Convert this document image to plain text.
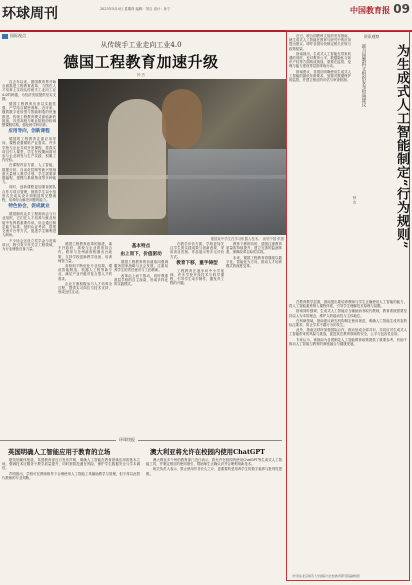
环球周刊	2023年5月4日 星期四 编辑：刘吉 设计：孙宁	中国教育报 09
国际视点
从传统手工业走向工业4.0
德国工程教育加速升级
钟 杰

自去年以来，德国教育界开始全面推进工程教育改革，力图在人才培养上实现从传统手工业向工业4.0的跨越，为经济发展提供坚实支撑。

德国工程教育历来以实践性强、产学结合紧密著称。近年来，随着数字化转型与智能制造的快速推进，传统工程教育模式面临新的挑战，各类高校与职业院校纷纷调整课程结构，强化跨学科培养。

应用导向，创新课程

德国的工程教育注重应用导向，课程设置紧贴产业需求。许多学校与企业共同开发课程，将真实项目引入课堂，学生在校期间即可参与企业研发与生产实践，积累工作经验。

在课程内容方面，人工智能、数据分析、自动化控制等新兴领域被大量纳入教学计划，学生需要掌握编程、建模与系统集成等多种能力。

同时，创新课程更加重视团队合作与项目管理，鼓励学生以小组形式完成从设计到制造的完整流程，培养综合解决问题的能力。

特色协会，促成就业

德国拥有众多工程师协会与行业组织，它们在人才培养与就业衔接中发挥着重要作用。协会通过制定能力标准、组织认证考试、搭建交流平台等方式，促进学生顺利进入职场。

不少协会还设立奖学金与竞赛项目，吸引青少年关注工程领域，为行业储备后备力量。

德国某中学生在学习机器人技术。 视觉中国 供图

德国工程教育改革的推进，离不开政府、高校与企业的协同合作。联邦与各州政府相继出台政策，支持学校更新教学设备、培训师资力量。

高校则不断优化专业结构，增设智能制造、机器人工程等新专业，满足产业升级对复合型人才的需求。

企业方面积极参与人才培养全过程，提供实习岗位与技术支持，形成良性互动。

基本特点
由上而下，价值驱动

德国工程教育的价值取向强调服务国家战略与社会发展，注重培养学生的责任意识与工匠精神。

改革由上而下推动，同时尊重基层学校的自主探索，形成多样化的实践模式。

在教学评价方面，学校更加关注学生的实践成果与创新表现，采用项目答辩、作品展示等多元评价方式。

教育下移，重手铸型

工程教育正逐步向中小学延伸，许多学校开设技术与科学课程，引导学生动手制作，激发对工程的兴趣。

教育下移的同时，德国注重教育质量的持续提升，建立完善的监测体系，保障改革目标的实现。

未来，德国工程教育将继续以数字化、智能化为方向，推动人才培养模式的深度变革。

环球快报
英国明确人工智能应用于教育的立场	澳大利亚将允许在校园内使用ChatGPT

据英国媒体报道，英国教育部近日发布声明，明确人工智能在教育领域应用的基本立场，强调技术应服务于教学质量提升，同时需防范潜在风险，保护学生数据安全与学术诚信。

声明指出，学校可在教师指导下合理使用人工智能工具辅助教学与管理，但不得以此替代教师的专业判断。

澳大利亚多个州的教育部门近日表示，将允许在校园内使用ChatGPT等生成式人工智能工具，并制定相应的使用指引，帮助师生正确认识并合理利用新技术。

相关负责人表示，禁止使用并非长久之计，更重要的是培养学生的数字素养与批判性思维。

资讯观察
为生成式人工智能制定“行为规则”
联合国教科文组织发布指南建议
钟 杰

近日，联合国教科文组织发布指南，就生成式人工智能在教育与研究中的应用提出建议，呼吁各国尽快制定相关法规与政策框架。

指南指出，生成式人工智能在带来机遇的同时，也对教育公平、数据隐私与知识产权等方面构成挑战，需要在监管、伦理与能力建设等层面采取行动。

指南建议，各国应明确使用生成式人工智能的最低年龄要求，加强对数据保护的监管，并建立相应的评估与审查机制。

在教育教学层面，指南提出要培养教师与学生正确使用人工智能的能力，将人工智能素养纳入课程体系，引导学生理解技术原理与局限。

指南同时强调，生成式人工智能应当辅助而非取代教师，教育系统需要坚持以人为本的理念，维护人的能动性与主体地位。

在科研领域，指南建议研究机构制定使用规范，明确人工智能生成内容的标注要求，防止学术不端行为的发生。

此外，指南还呼吁加强国际合作，推动形成全球共识，共同应对生成式人工智能带来的风险与挑战，促进其在教育领域的安全、公平与包容性应用。

专家认为，该指南为各国制定人工智能教育政策提供了重要参考，有助于推动人工智能与教育的深度融合与健康发展。

（作者系北京师范大学国际与比较教育研究院副教授）
